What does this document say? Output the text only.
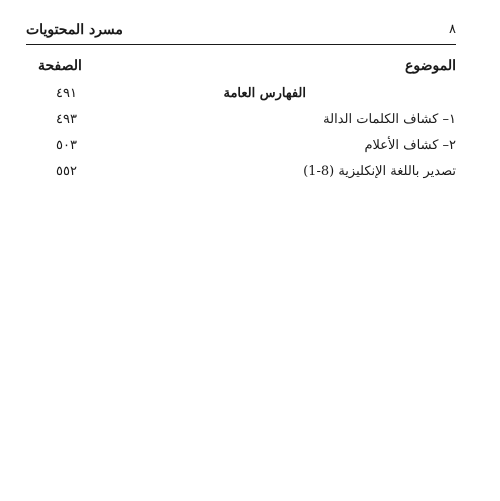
مسرد المحتويات	٨
الموضوع
الصفحة
الفهارس العامة
٤٩١
١– كشاف الكلمات الدالة
٤٩٣
٢– كشاف الأعلام
٥٠٣
تصدير باللغة الإنكليزية (8-1)
٥٥٢
